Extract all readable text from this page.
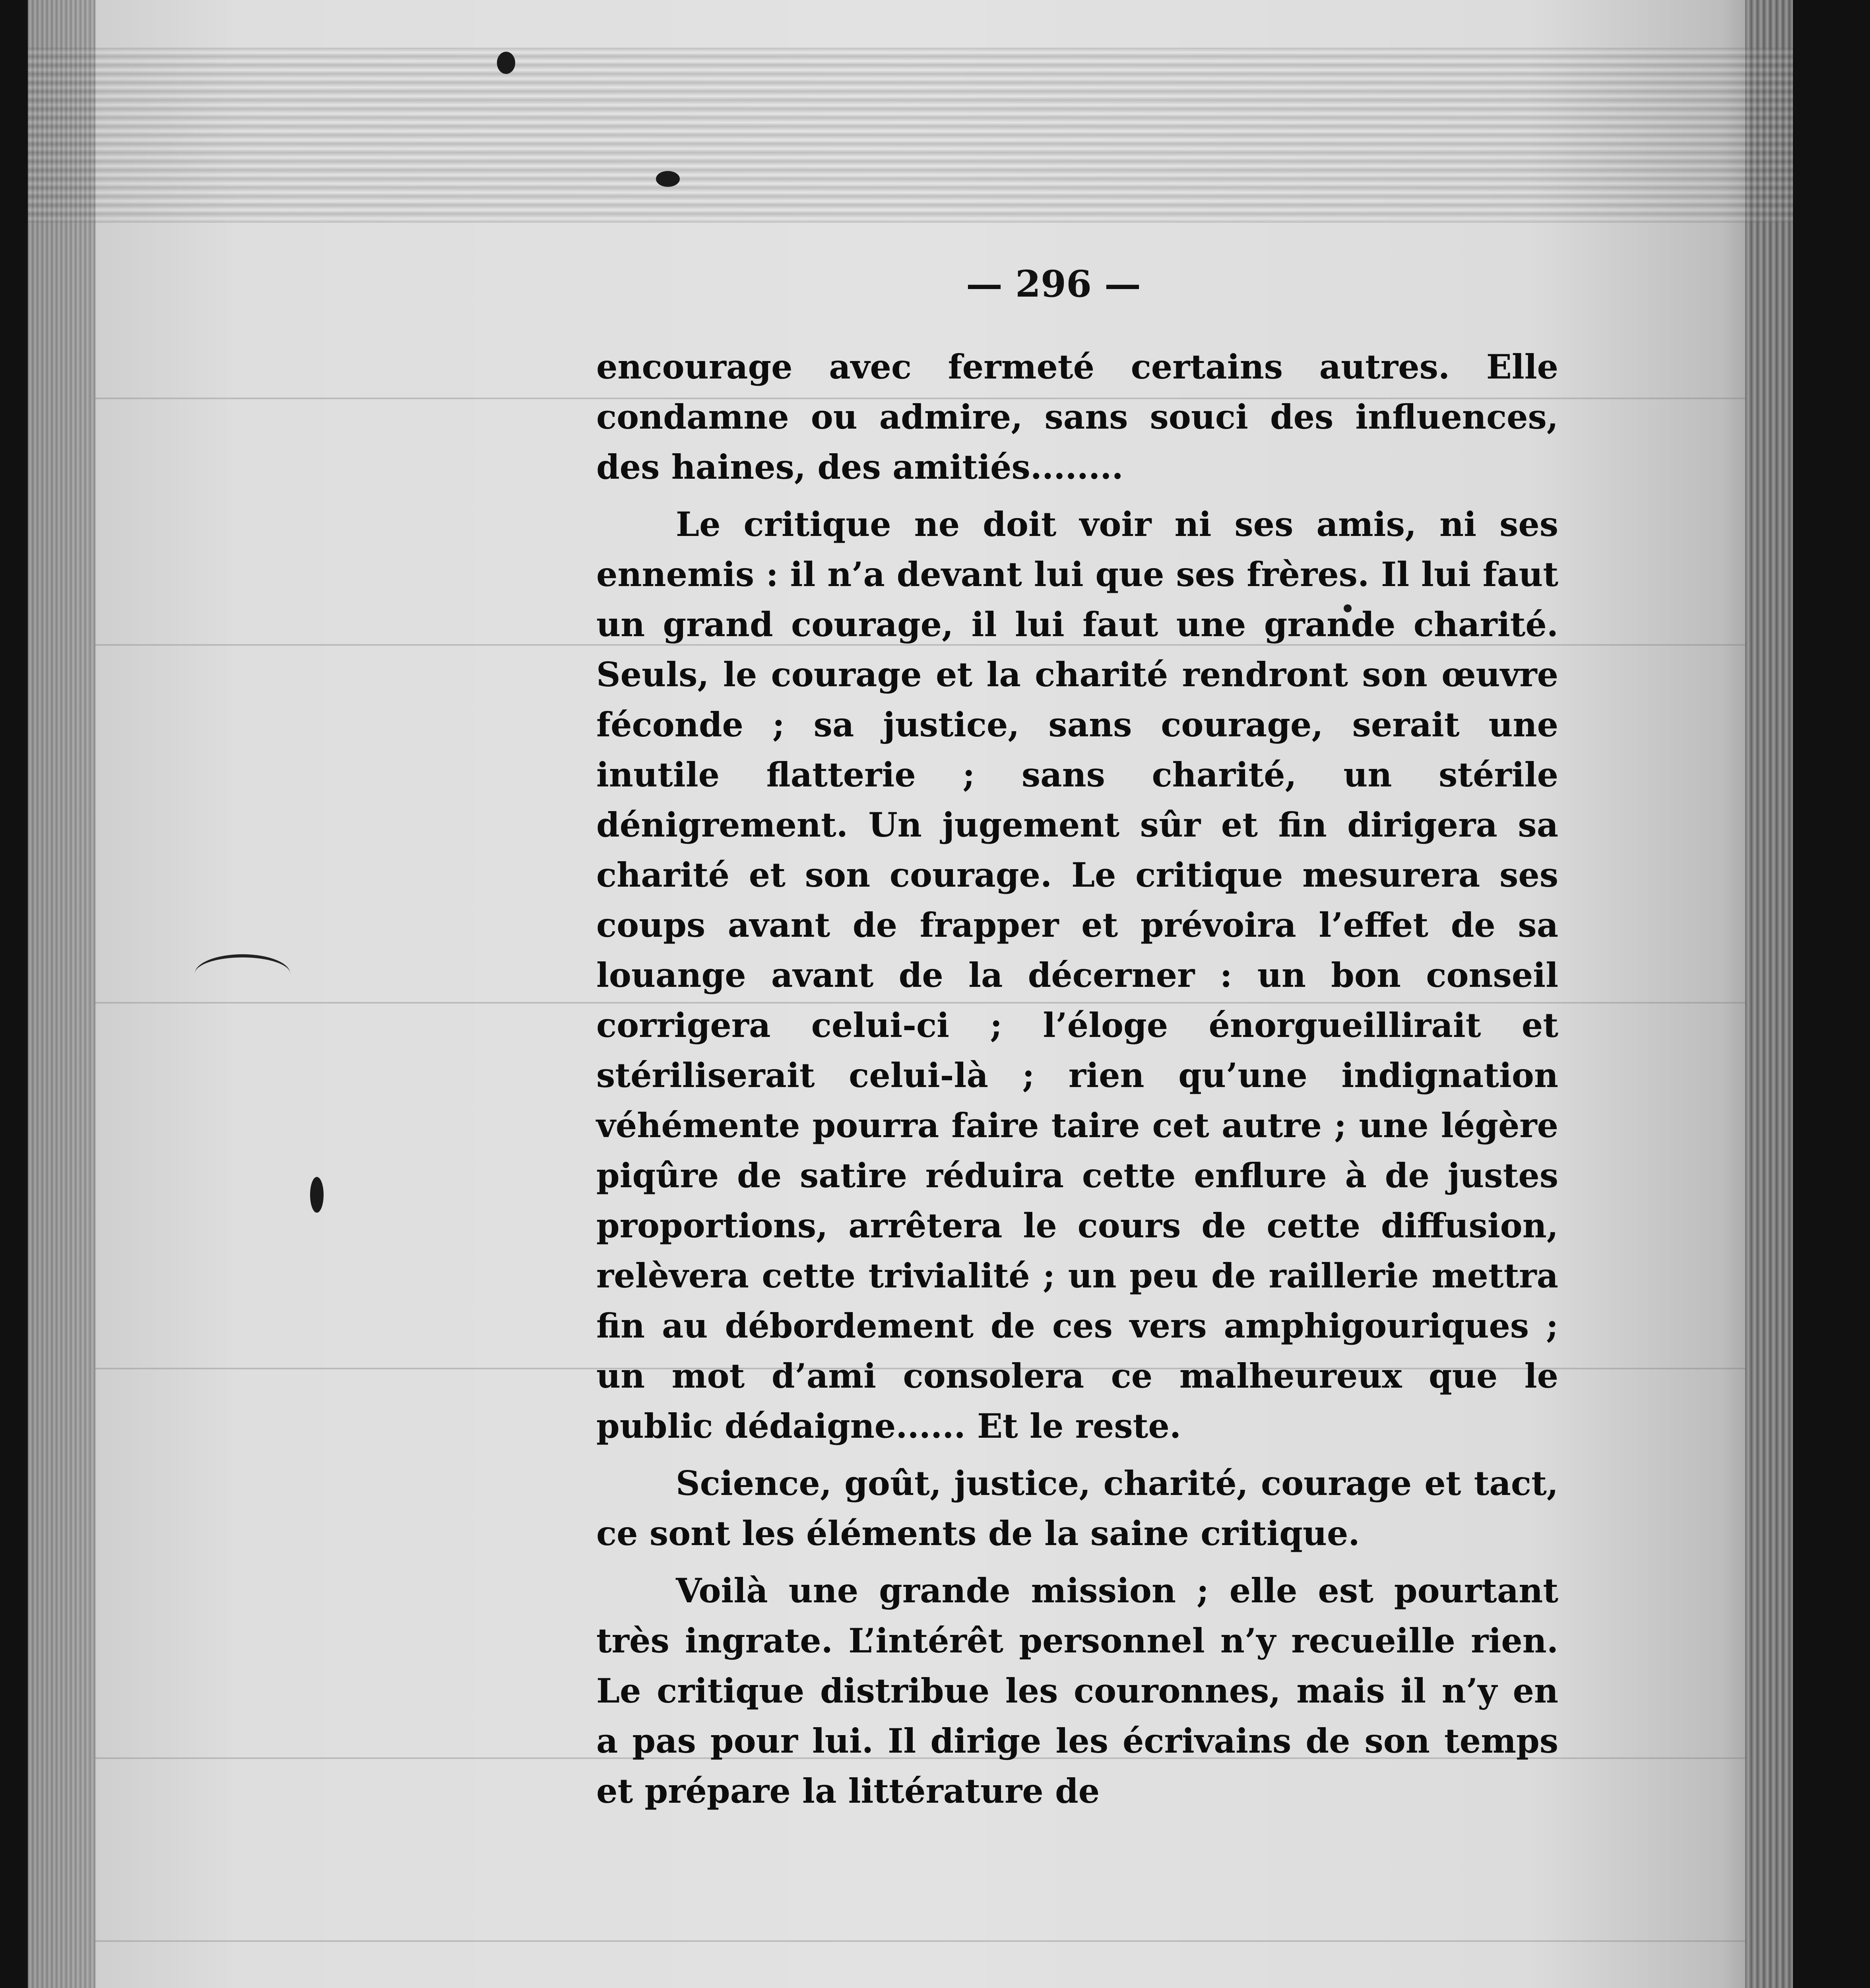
— 296 —

encourage avec fermeté certains autres. Elle condamne ou admire, sans souci des influences, des haines, des amitiés........

Le critique ne doit voir ni ses amis, ni ses ennemis : il n’a devant lui que ses frères. Il lui faut un grand courage, il lui faut une grande charité. Seuls, le courage et la charité rendront son œuvre féconde ; sa justice, sans courage, serait une inutile flatterie ; sans charité, un stérile dénigrement. Un jugement sûr et fin dirigera sa charité et son courage. Le critique mesurera ses coups avant de frapper et prévoira l’effet de sa louange avant de la décerner : un bon conseil corrigera celui-ci ; l’éloge énorgueillirait et stériliserait celui-là ; rien qu’une indignation véhémente pourra faire taire cet autre ; une légère piqûre de satire réduira cette enflure à de justes proportions, arrêtera le cours de cette diffusion, relèvera cette trivialité ; un peu de raillerie mettra fin au débordement de ces vers amphigouriques ; un mot d’ami consolera ce malheureux que le public dédaigne...... Et le reste.

Science, goût, justice, charité, courage et tact, ce sont les éléments de la saine critique.

Voilà une grande mission ; elle est pourtant très ingrate. L’intérêt personnel n’y recueille rien. Le critique distribue les couronnes, mais il n’y en a pas pour lui. Il dirige les écrivains de son temps et prépare la littérature de
